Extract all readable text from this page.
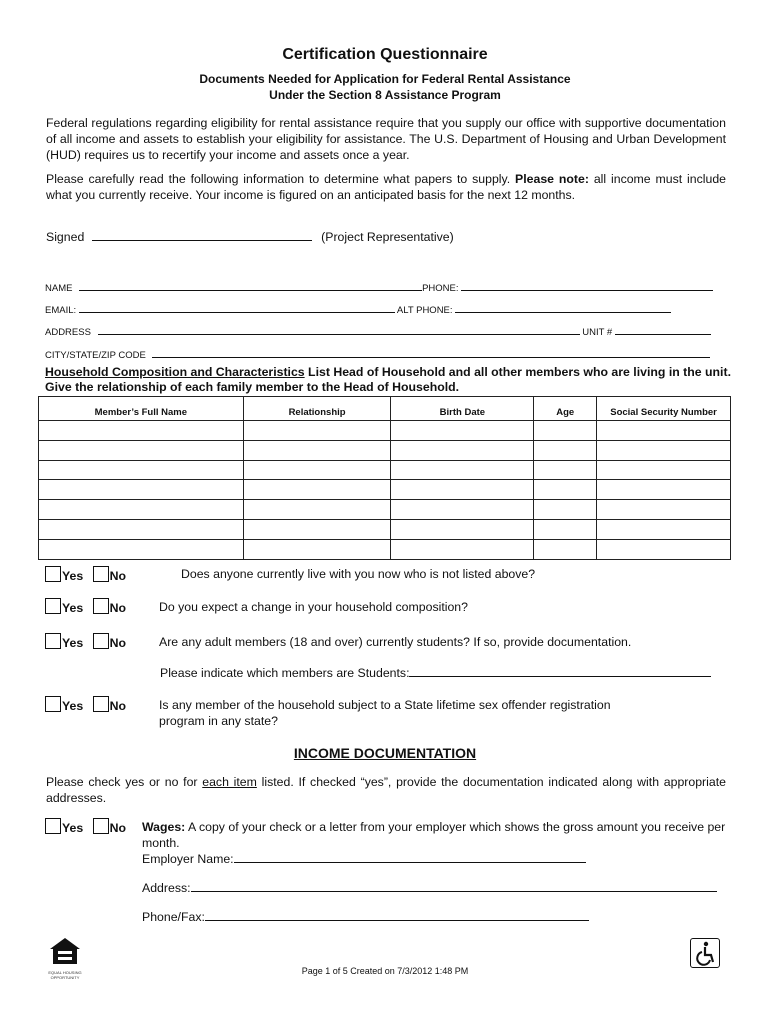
Certification Questionnaire
Documents Needed for Application for Federal Rental Assistance
Under the Section 8 Assistance Program
Federal regulations regarding eligibility for rental assistance require that you supply our office with supportive documentation of all income and assets to establish your eligibility for assistance. The U.S. Department of Housing and Urban Development (HUD) requires us to recertify your income and assets once a year.
Please carefully read the following information to determine what papers to supply. Please note: all income must include what you currently receive. Your income is figured on an anticipated basis for the next 12 months.
Signed	(Project Representative)
NAME	PHONE:
EMAIL:	ALT PHONE:
ADDRESS	UNIT #
CITY/STATE/ZIP CODE
Household Composition and Characteristics List Head of Household and all other members who are living in the unit. Give the relationship of each family member to the Head of Household.
Member’s Full Name	Relationship	Birth Date	Age	Social Security Number

Yes No	Does anyone currently live with you now who is not listed above?
Yes No	Do you expect a change in your household composition?
Yes No	Are any adult members (18 and over) currently students? If so, provide documentation.
Please indicate which members are Students:
Yes No	Is any member of the household subject to a State lifetime sex offender registration
program in any state?
INCOME DOCUMENTATION
Please check yes or no for each item listed. If checked “yes”, provide the documentation indicated along with appropriate addresses.
Yes No Wages: A copy of your check or a letter from your employer which shows the gross amount you receive per month.
Employer Name:
Address:
Phone/Fax:
EQUAL HOUSING OPPORTUNITY
Page 1 of 5 Created on 7/3/2012 1:48 PM
